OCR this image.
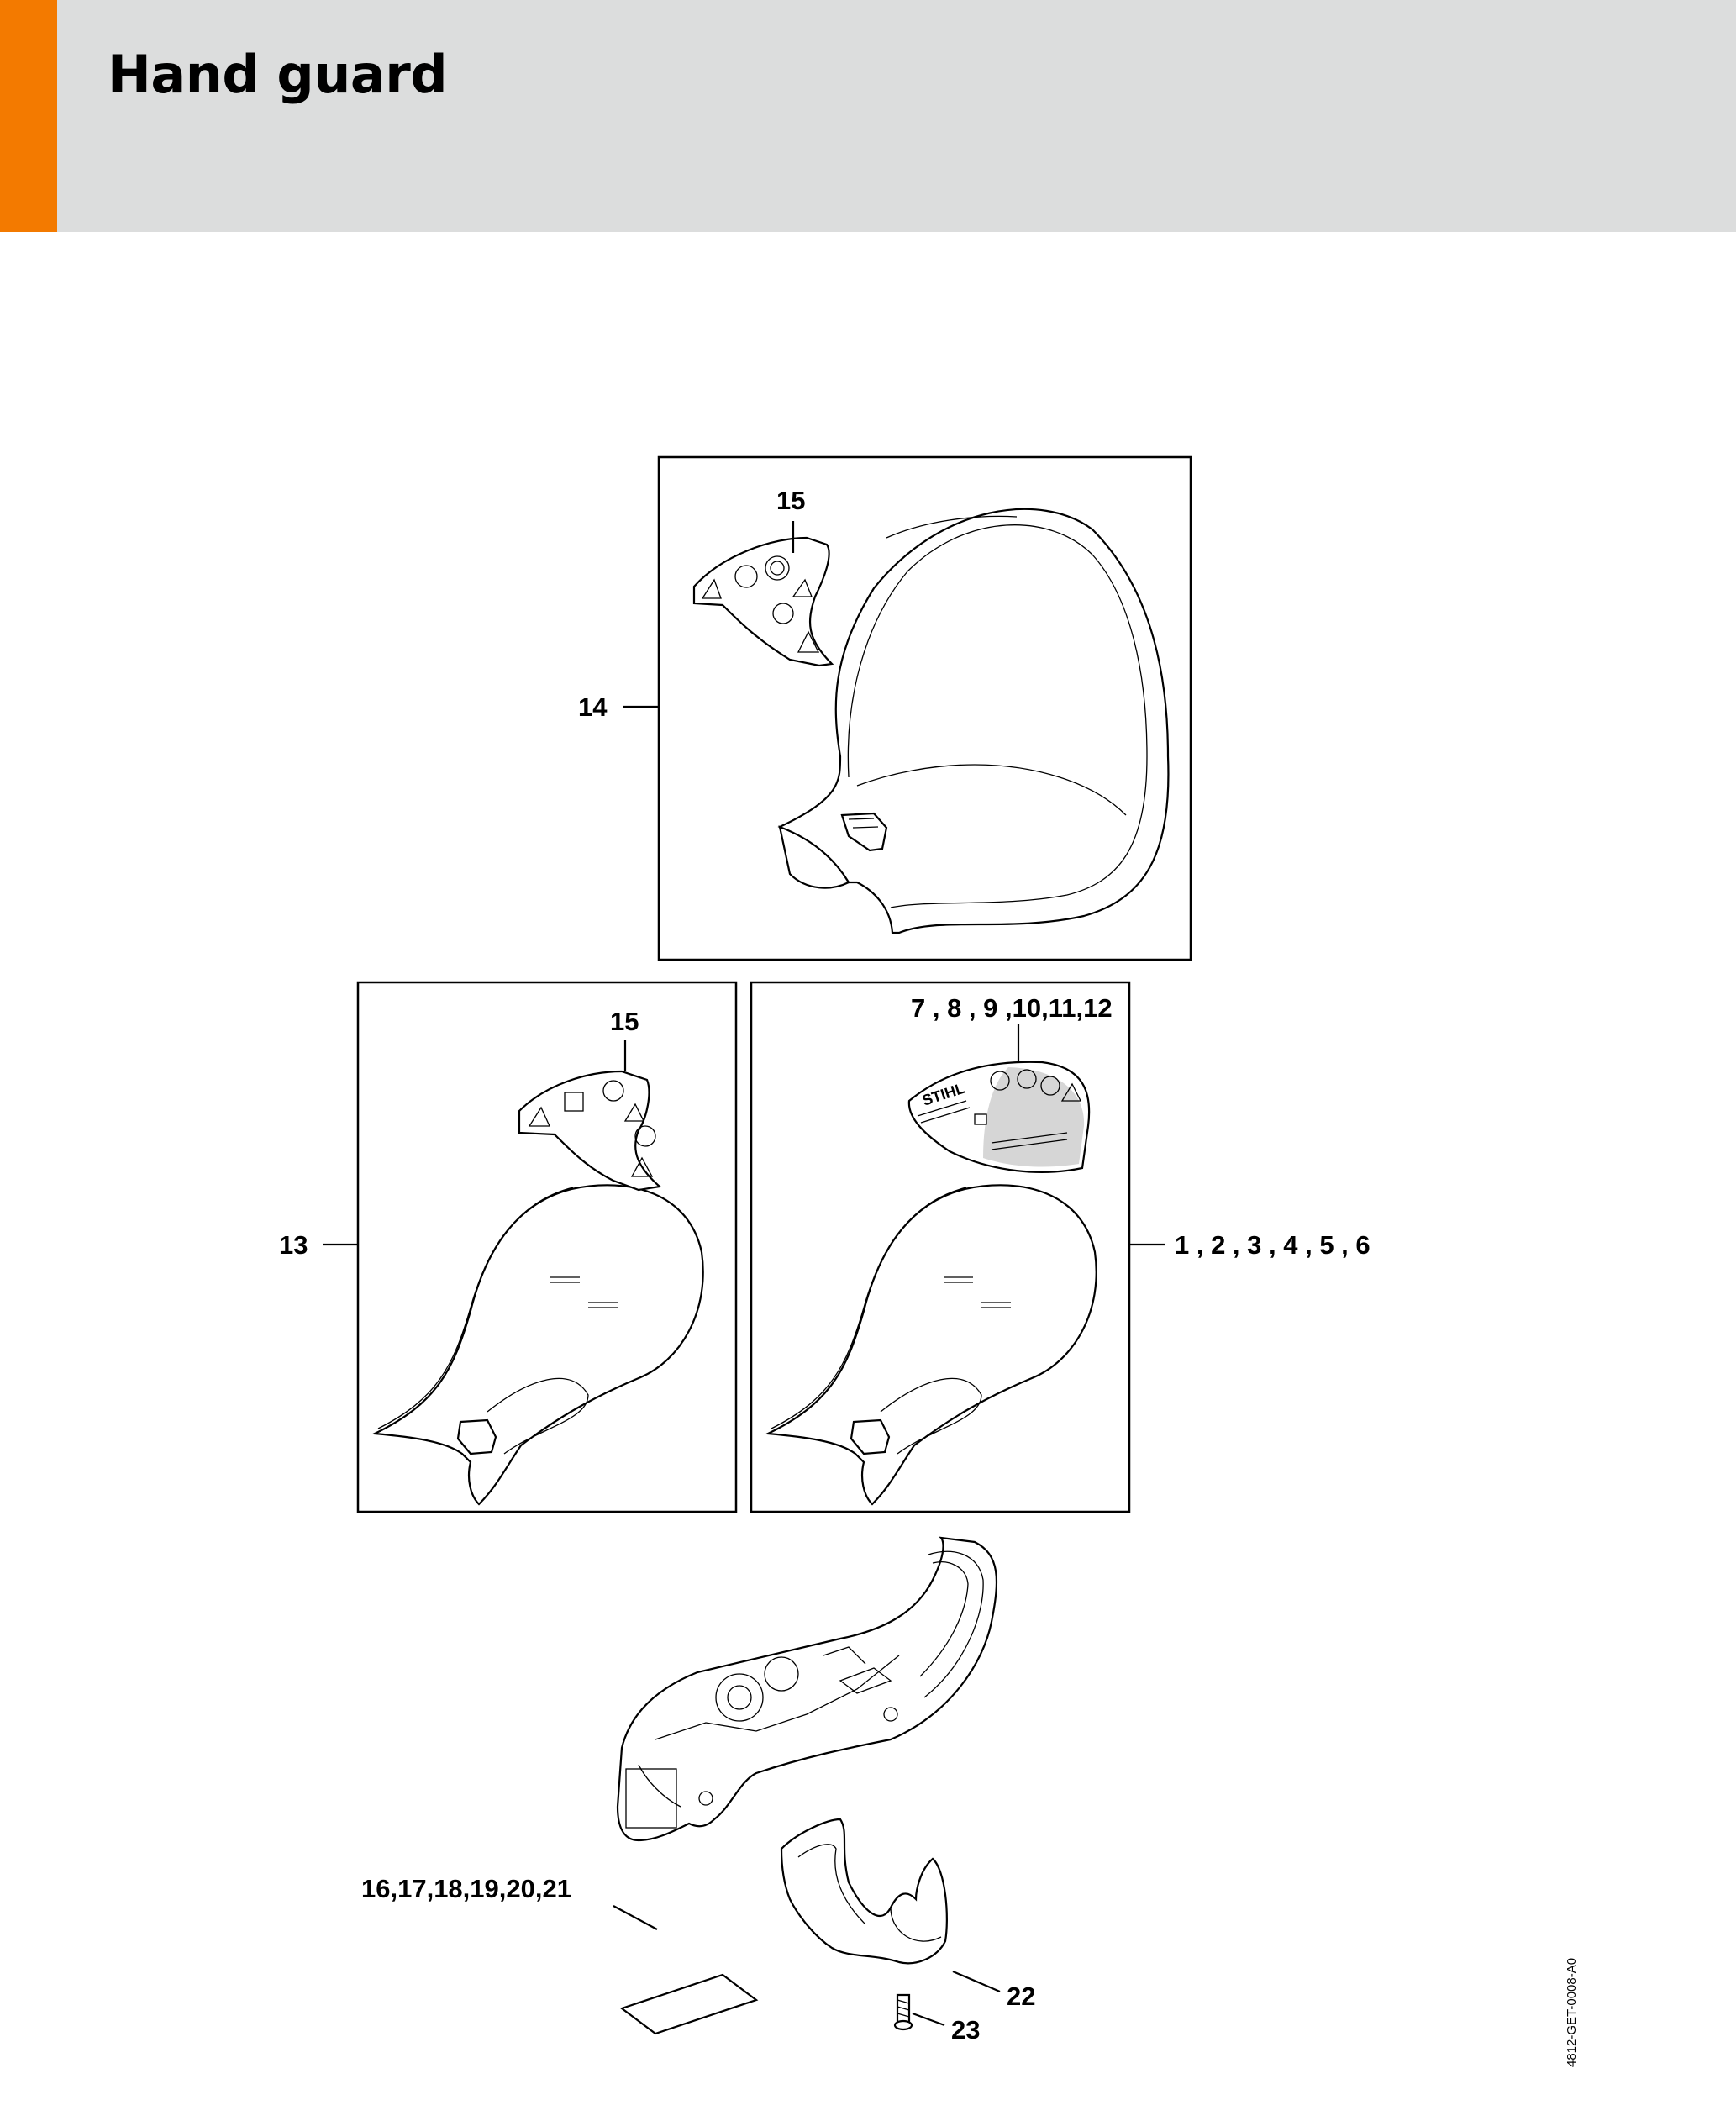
Hand guard
15
14
15
13
STIHL
7 , 8 , 9 ,10,11,12
1 , 2 , 3 , 4 , 5 , 6
16,17,18,19,20,21
22
23	4812-GET-0008-A0
